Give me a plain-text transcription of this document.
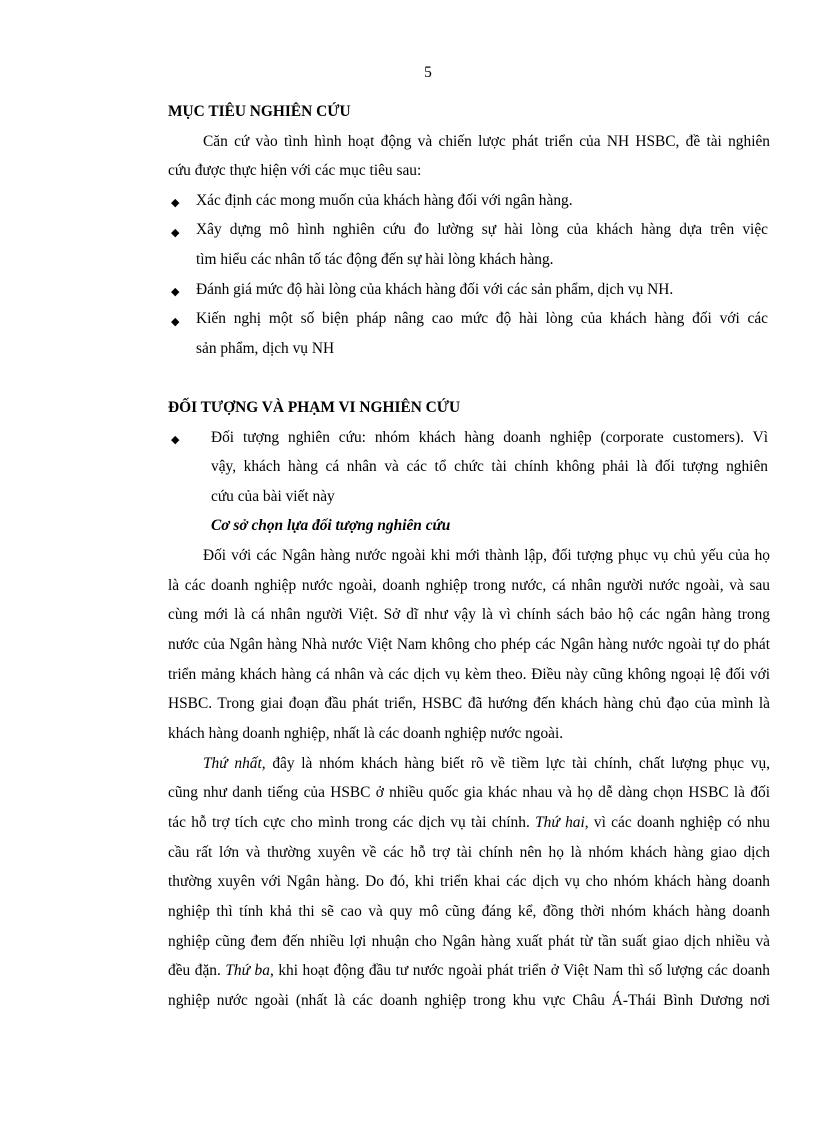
5
MỤC TIÊU NGHIÊN CỨU
Căn cứ vào tình hình hoạt động và chiến lược phát triển của NH HSBC, đề tài nghiên
cứu được thực hiện với các mục tiêu sau:
◆ Xác định các mong muốn của khách hàng đối với ngân hàng.
◆ Xây dựng mô hình nghiên cứu đo lường sự hài lòng của khách hàng dựa trên việc
tìm hiểu các nhân tố tác động đến sự hài lòng khách hàng.
◆ Đánh giá mức độ hài lòng của khách hàng đối với các sản phẩm, dịch vụ NH.
◆ Kiến nghị một số biện pháp nâng cao mức độ hài lòng của khách hàng đối với các
sản phẩm, dịch vụ NH
ĐỐI TƯỢNG VÀ PHẠM VI NGHIÊN CỨU
◆ Đối tượng nghiên cứu: nhóm khách hàng doanh nghiệp (corporate customers). Vì
vậy, khách hàng cá nhân và các tổ chức tài chính không phải là đối tượng nghiên
cứu của bài viết này
Cơ sở chọn lựa đối tượng nghiên cứu
Đối với các Ngân hàng nước ngoài khi mới thành lập, đối tượng phục vụ chủ yếu của họ
là các doanh nghiệp nước ngoài, doanh nghiệp trong nước, cá nhân người nước ngoài, và sau
cùng mới là cá nhân người Việt. Sở dĩ như vậy là vì chính sách bảo hộ các ngân hàng trong
nước của Ngân hàng Nhà nước Việt Nam không cho phép các Ngân hàng nước ngoài tự do phát
triển mảng khách hàng cá nhân và các dịch vụ kèm theo. Điều này cũng không ngoại lệ đối với
HSBC. Trong giai đoạn đầu phát triển, HSBC đã hướng đến khách hàng chủ đạo của mình là
khách hàng doanh nghiệp, nhất là các doanh nghiệp nước ngoài.
Thứ nhất, đây là nhóm khách hàng biết rõ về tiềm lực tài chính, chất lượng phục vụ,
cũng như danh tiếng của HSBC ở nhiều quốc gia khác nhau và họ dễ dàng chọn HSBC là đối
tác hỗ trợ tích cực cho mình trong các dịch vụ tài chính. Thứ hai, vì các doanh nghiệp có nhu
cầu rất lớn và thường xuyên về các hỗ trợ tài chính nên họ là nhóm khách hàng giao dịch
thường xuyên với Ngân hàng. Do đó, khi triển khai các dịch vụ cho nhóm khách hàng doanh
nghiệp thì tính khả thi sẽ cao và quy mô cũng đáng kể, đồng thời nhóm khách hàng doanh
nghiệp cũng đem đến nhiều lợi nhuận cho Ngân hàng xuất phát từ tần suất giao dịch nhiều và
đều đặn. Thứ ba, khi hoạt động đầu tư nước ngoài phát triển ở Việt Nam thì số lượng các doanh
nghiệp nước ngoài (nhất là các doanh nghiệp trong khu vực Châu Á-Thái Bình Dương nơi
